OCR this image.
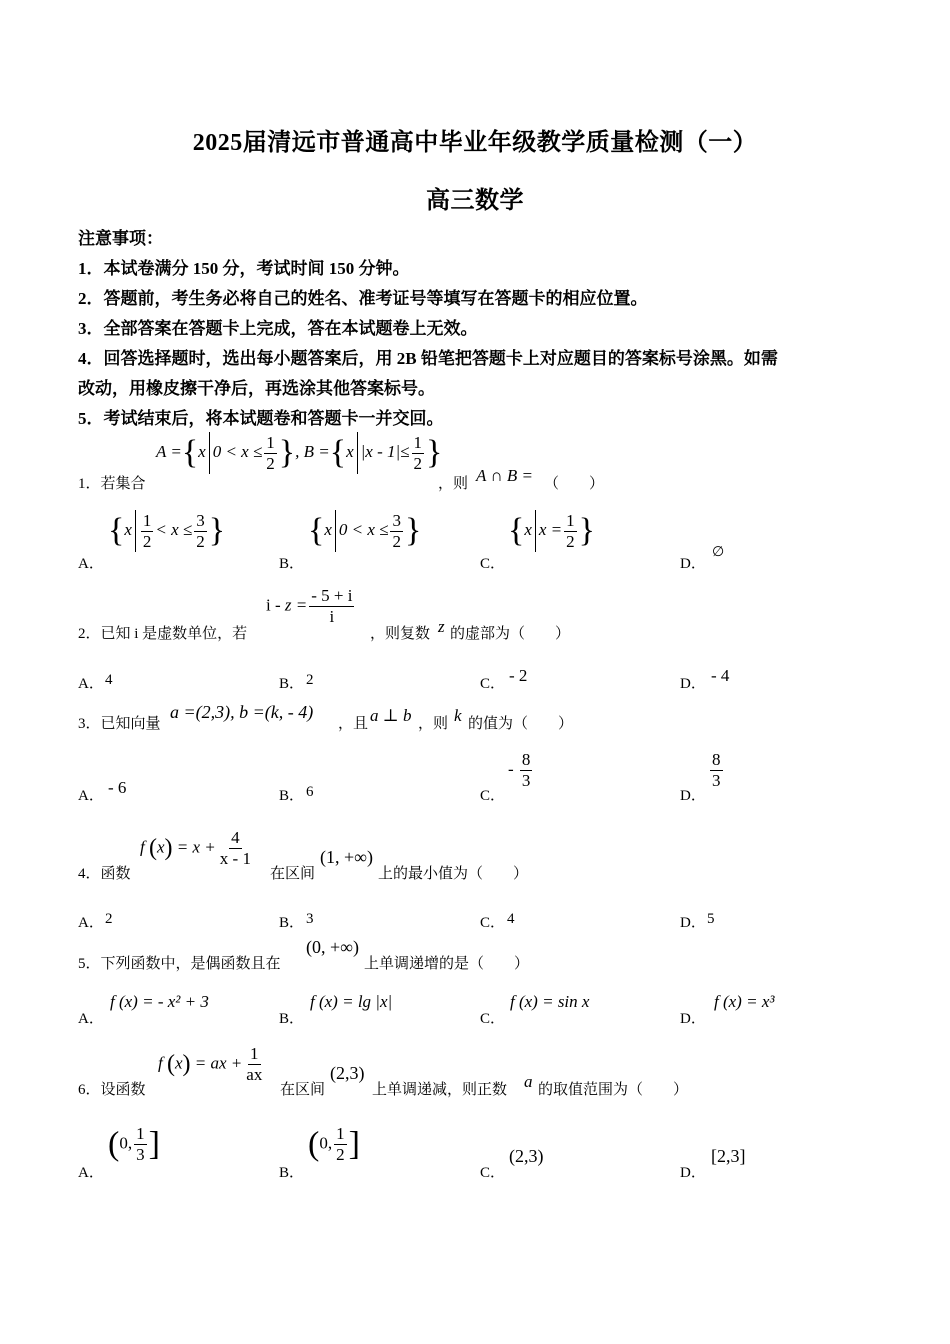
2025届清远市普通高中毕业年级教学质量检测（一）
高三数学
注意事项：
1．本试卷满分 150 分，考试时间 150 分钟。
2．答题前，考生务必将自己的姓名、准考证号等填写在答题卡的相应位置。
3．全部答案在答题卡上完成，答在本试题卷上无效。
4．回答选择题时，选出每小题答案后，用 2B 铅笔把答题卡上对应题目的答案标号涂黑。如需
改动，用橡皮擦干净后，再选涂其他答案标号。
5．考试结束后，将本试题卷和答题卡一并交回。
1．若集合
A ={x $0 < x \le \frac{1}{2}$ }, B ={x $|x - 1|\le \frac{1}{2}$ }
，则 A ∩ B = （　　）
A．
{$x \frac{1}{2} < x \le \frac{3}{2}$ }
B．
{x $0 < x \le \frac{3}{2}$ }
C．
{x $x = \frac{1}{2}$ }
D．
∅
2．已知 i 是虚数单位，若
$i - z = \frac{- 5 + i}{i}$
，则复数 z 的虚部为（　　）
A． 4	B． 2	C． - 2	D． - 4
3．已知向量
a =(2,3), b =(k, - 4)
，且 a ⊥ b ，则 k 的值为（　　）
A． - 6	B． 6	C．
- $\frac{8}{3}$
D．
$\frac{8}{3}$
4．函数
f $(x) = x + \frac{4}{x - 1}$
在区间
(1, +∞)
上的最小值为（　　）
A． 2	B． 3	C． 4	D． 5
5．下列函数中，是偶函数且在
(0, +∞)
上单调递增的是（　　）
A．
f (x) = - x² + 3
B．
f (x) = lg |x|
C．
f (x) = sin x
D．
f (x) = x³
6．设函数
f (x) = ax + $\frac{1}{ax}$
在区间
(2,3)
上单调递减，则正数 a 的取值范围为（　　）
A．
(0, $\frac{1}{3}$ ]
B．
(0, $\frac{1}{2}$ ]
C．
(2,3)
D．
[2,3]
